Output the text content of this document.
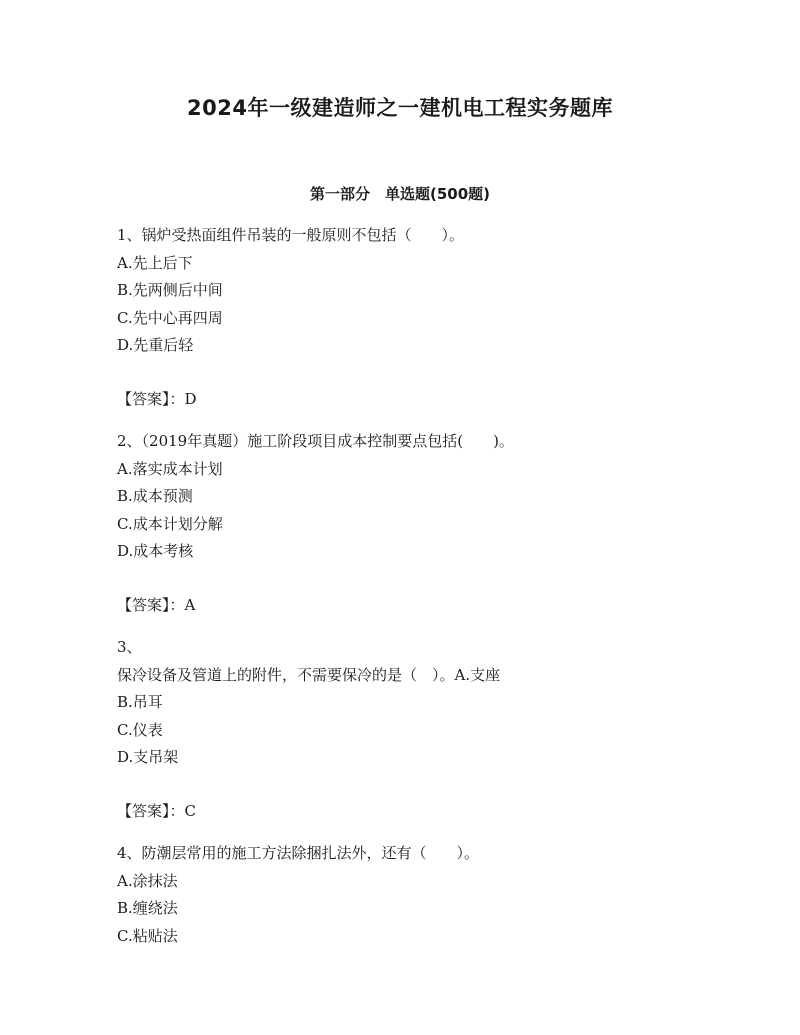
2024年一级建造师之一建机电工程实务题库
第一部分　单选题(500题)

1、锅炉受热面组件吊装的一般原则不包括（　　）。

A.先上后下

B.先两侧后中间

C.先中心再四周

D.先重后轻

【答案】：D

2、（2019年真题）施工阶段项目成本控制要点包括(　　)。

A.落实成本计划

B.成本预测

C.成本计划分解

D.成本考核

【答案】：A

3、

保冷设备及管道上的附件，不需要保冷的是（　）。A.支座

B.吊耳

C.仪表

D.支吊架

【答案】：C

4、防潮层常用的施工方法除捆扎法外，还有（　　）。

A.涂抹法

B.缠绕法

C.粘贴法
